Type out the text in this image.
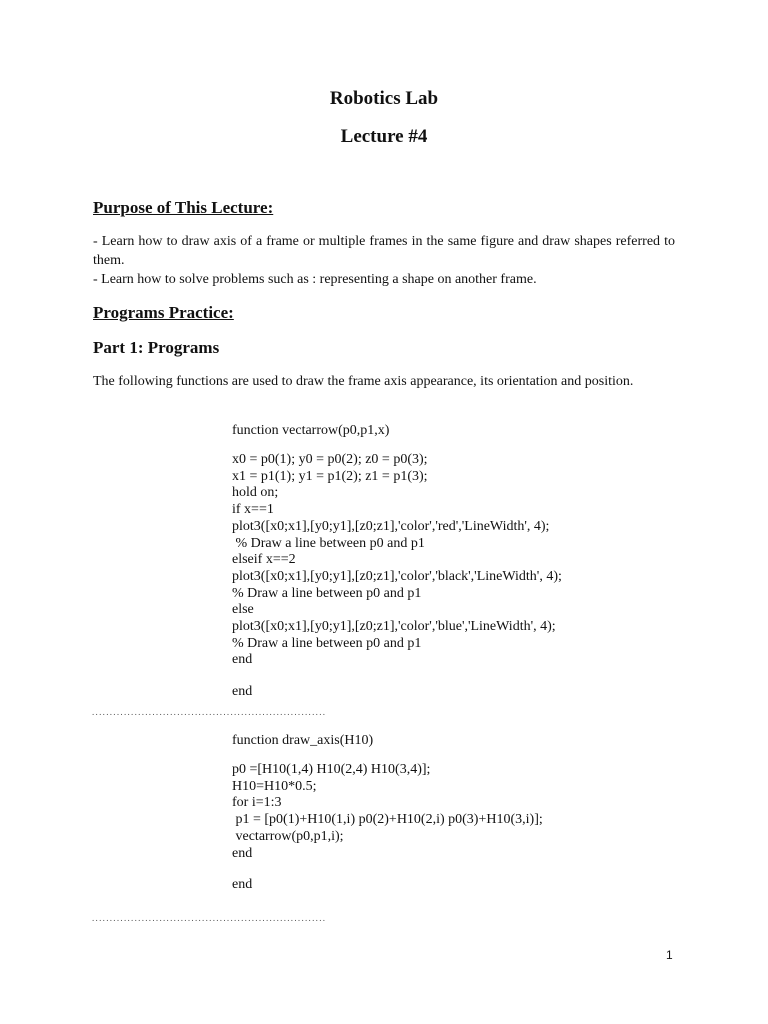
Robotics Lab
Lecture #4
Purpose of This Lecture:

- Learn how to draw axis of a frame or multiple frames in the same figure and draw shapes referred to them.

- Learn how to solve problems such as : representing a shape on another frame.

Programs Practice:
Part 1: Programs

The following functions are used to draw the frame axis appearance, its orientation and position.

function vectarrow(p0,p1,x)
x0 = p0(1); y0 = p0(2); z0 = p0(3);
x1 = p1(1); y1 = p1(2); z1 = p1(3);
hold on;
if x==1
plot3([x0;x1],[y0;y1],[z0;z1],'color','red','LineWidth', 4);
% Draw a line between p0 and p1
elseif x==2
plot3([x0;x1],[y0;y1],[z0;z1],'color','black','LineWidth', 4);
% Draw a line between p0 and p1
else
plot3([x0;x1],[y0;y1],[z0;z1],'color','blue','LineWidth', 4);
% Draw a line between p0 and p1
end
end
..................................................................
function draw_axis(H10)
p0 =[H10(1,4) H10(2,4) H10(3,4)];
H10=H10*0.5;
for i=1:3
p1 = [p0(1)+H10(1,i) p0(2)+H10(2,i) p0(3)+H10(3,i)];
vectarrow(p0,p1,i);
end
end
..................................................................
1
